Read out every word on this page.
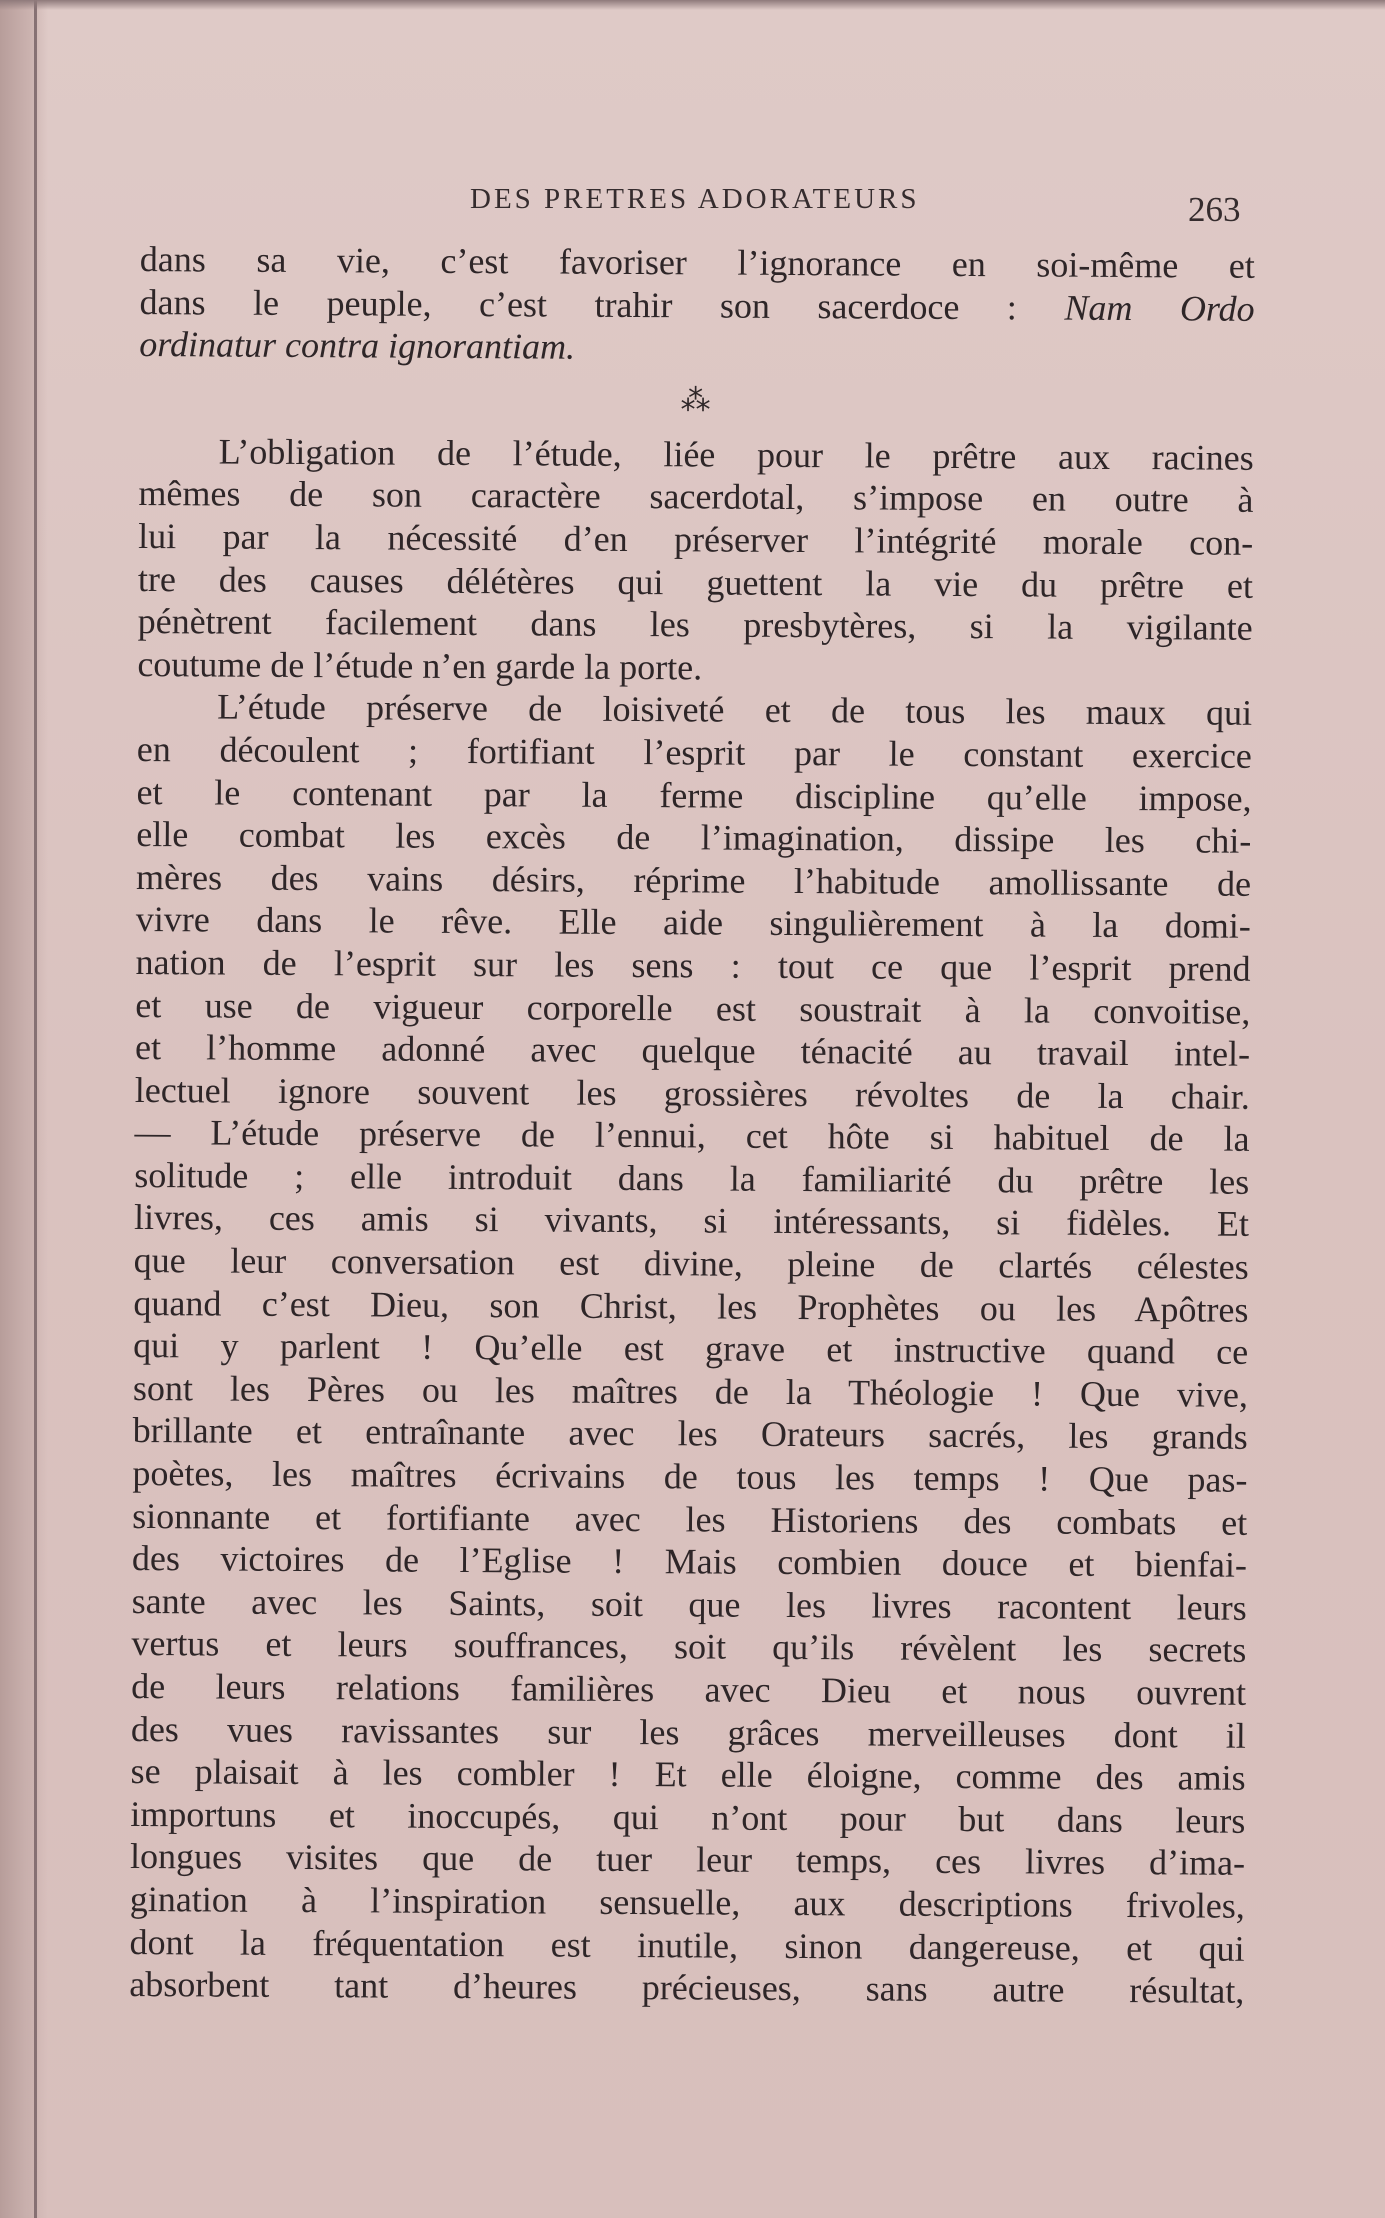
DES PRETRES ADORATEURS	263
dans sa vie, c’est favoriser l’ignorance en soi-même et
dans le peuple, c’est trahir son sacerdoce : Nam Ordo
ordinatur contra ignorantiam.
⁂
L’obligation de l’étude, liée pour le prêtre aux racines
mêmes de son caractère sacerdotal, s’impose en outre à
lui par la nécessité d’en préserver l’intégrité morale con-
tre des causes délétères qui guettent la vie du prêtre et
pénètrent facilement dans les presbytères, si la vigilante
coutume de l’étude n’en garde la porte.
L’étude préserve de loisiveté et de tous les maux qui
en découlent ; fortifiant l’esprit par le constant exercice
et le contenant par la ferme discipline qu’elle impose,
elle combat les excès de l’imagination, dissipe les chi-
mères des vains désirs, réprime l’habitude amollissante de
vivre dans le rêve. Elle aide singulièrement à la domi-
nation de l’esprit sur les sens : tout ce que l’esprit prend
et use de vigueur corporelle est soustrait à la convoitise,
et l’homme adonné avec quelque ténacité au travail intel-
lectuel ignore souvent les grossières révoltes de la chair.
— L’étude préserve de l’ennui, cet hôte si habituel de la
solitude ; elle introduit dans la familiarité du prêtre les
livres, ces amis si vivants, si intéressants, si fidèles. Et
que leur conversation est divine, pleine de clartés célestes
quand c’est Dieu, son Christ, les Prophètes ou les Apôtres
qui y parlent ! Qu’elle est grave et instructive quand ce
sont les Pères ou les maîtres de la Théologie ! Que vive,
brillante et entraînante avec les Orateurs sacrés, les grands
poètes, les maîtres écrivains de tous les temps ! Que pas-
sionnante et fortifiante avec les Historiens des combats et
des victoires de l’Eglise ! Mais combien douce et bienfai-
sante avec les Saints, soit que les livres racontent leurs
vertus et leurs souffrances, soit qu’ils révèlent les secrets
de leurs relations familières avec Dieu et nous ouvrent
des vues ravissantes sur les grâces merveilleuses dont il
se plaisait à les combler ! Et elle éloigne, comme des amis
importuns et inoccupés, qui n’ont pour but dans leurs
longues visites que de tuer leur temps, ces livres d’ima-
gination à l’inspiration sensuelle, aux descriptions frivoles,
dont la fréquentation est inutile, sinon dangereuse, et qui
absorbent tant d’heures précieuses, sans autre résultat,
